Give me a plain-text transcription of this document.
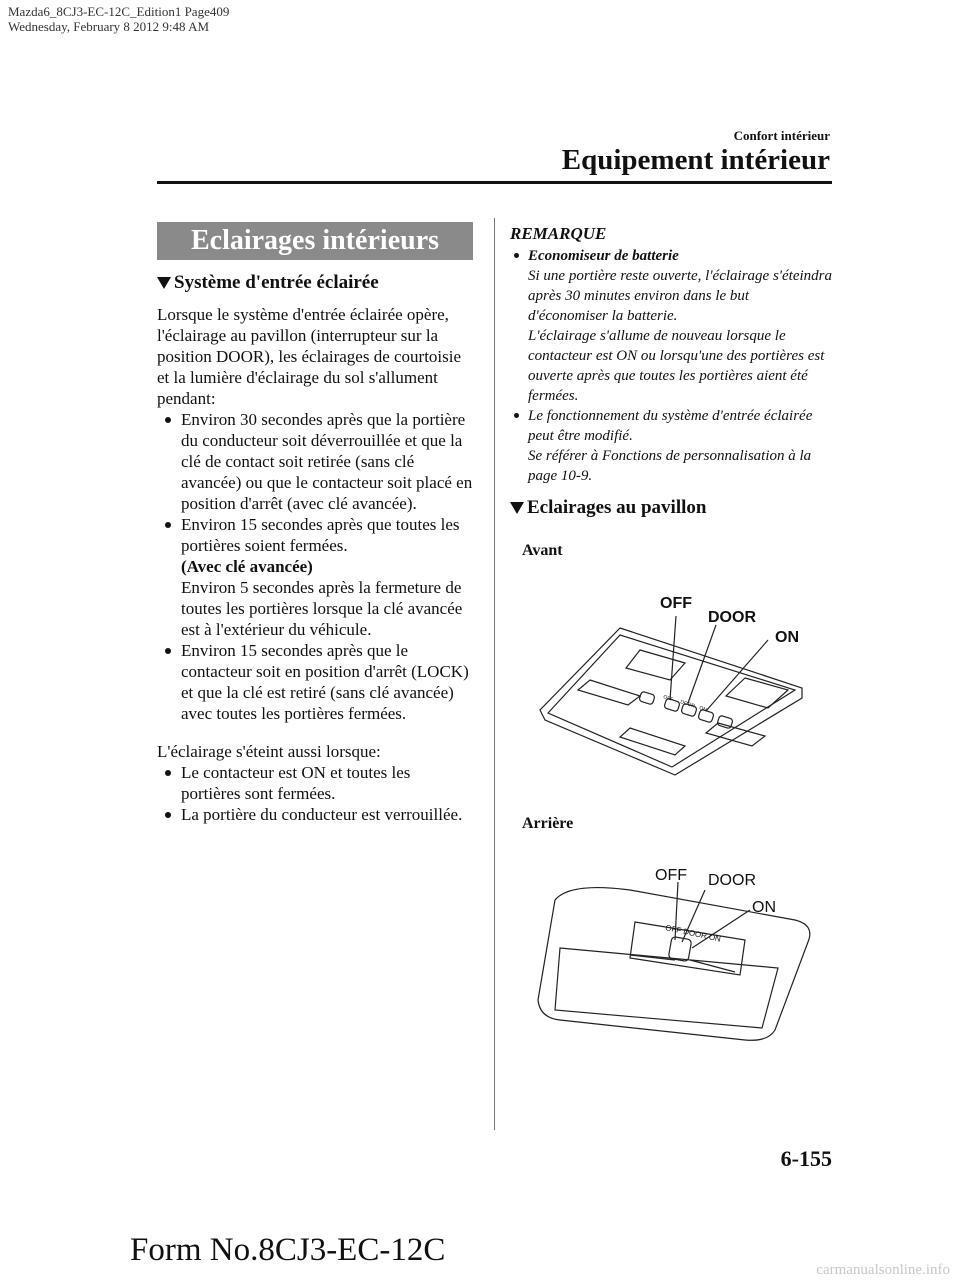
Mazda6_8CJ3-EC-12C_Edition1 Page409
Wednesday, February 8 2012 9:48 AM
Confort intérieur
Equipement intérieur
Eclairages intérieurs
Système d'entrée éclairée
Lorsque le système d'entrée éclairée opère, l'éclairage au pavillon (interrupteur sur la position DOOR), les éclairages de courtoisie et la lumière d'éclairage du sol s'allument pendant:
Environ 30 secondes après que la portière du conducteur soit déverrouillée et que la clé de contact soit retirée (sans clé avancée) ou que le contacteur soit placé en position d'arrêt (avec clé avancée).
Environ 15 secondes après que toutes les portières soient fermées.
(Avec clé avancée)
Environ 5 secondes après la fermeture de toutes les portières lorsque la clé avancée est à l'extérieur du véhicule.
Environ 15 secondes après que le contacteur soit en position d'arrêt (LOCK) et que la clé est retiré (sans clé avancée) avec toutes les portières fermées.
L'éclairage s'éteint aussi lorsque:
Le contacteur est ON et toutes les portières sont fermées.
La portière du conducteur est verrouillée.
REMARQUE
Economiseur de batterie
Si une portière reste ouverte, l'éclairage s'éteindra après 30 minutes environ dans le but d'économiser la batterie.
L'éclairage s'allume de nouveau lorsque le contacteur est ON ou lorsqu'une des portières est ouverte après que toutes les portières aient été fermées.
Le fonctionnement du système d'entrée éclairée peut être modifié.
Se référer à Fonctions de personnalisation à la page 10-9.
Eclairages au pavillon
Avant
OFF
DOOR
ON
OFF
DOOR ON
Arrière
OFF DOOR
ON
OFF DOOR ON
6-155
Form No.8CJ3-EC-12C
carmanualsonline.info
